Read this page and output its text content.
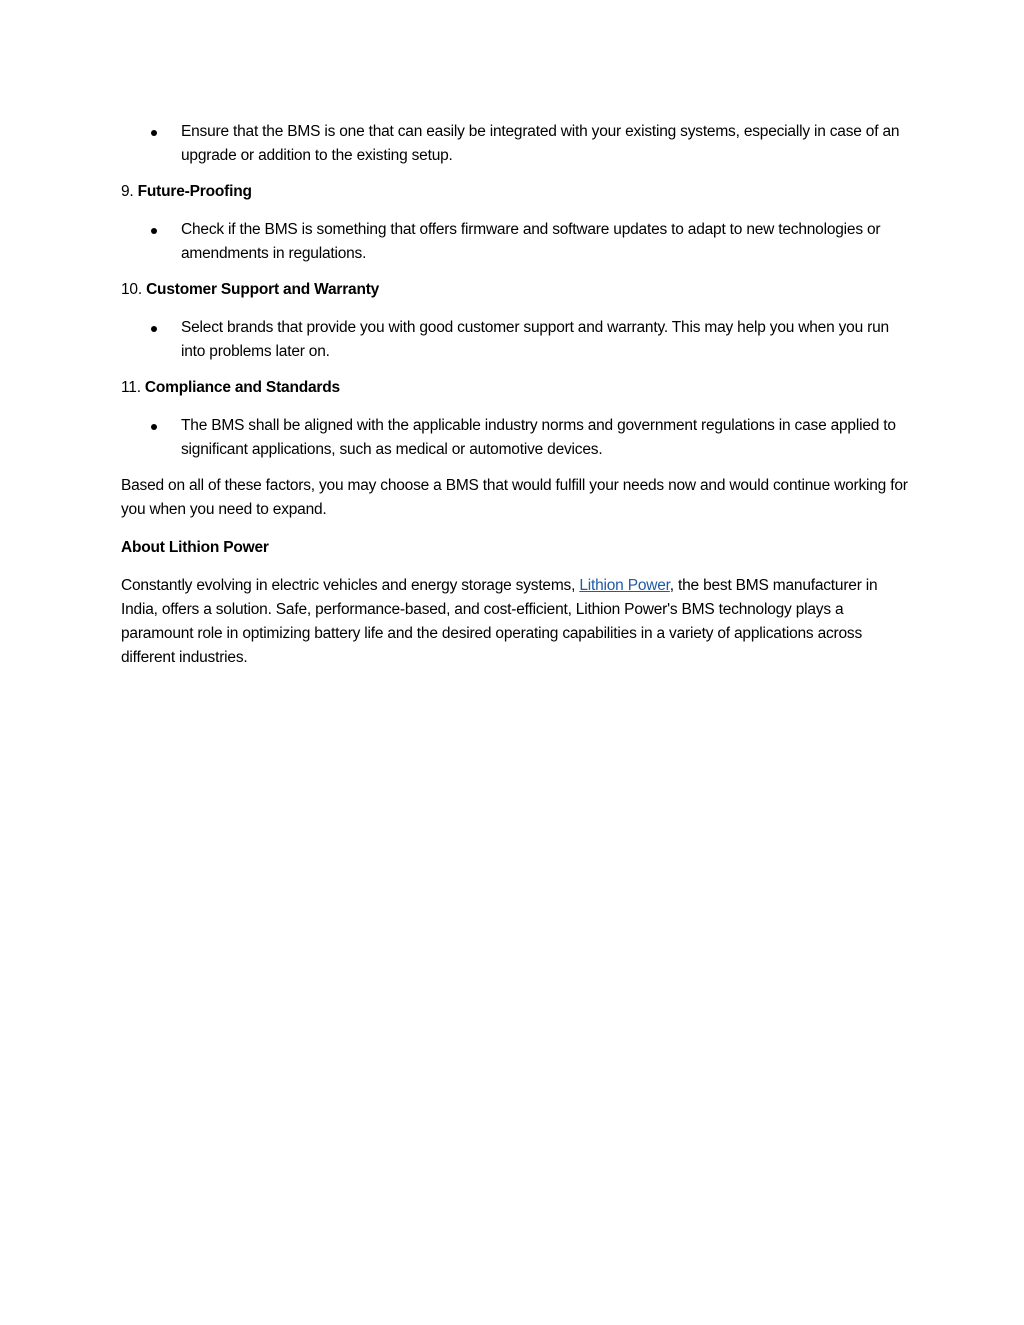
Ensure that the BMS is one that can easily be integrated with your existing systems, especially in case of an upgrade or addition to the existing setup.
9. Future-Proofing
Check if the BMS is something that offers firmware and software updates to adapt to new technologies or amendments in regulations.
10. Customer Support and Warranty
Select brands that provide you with good customer support and warranty. This may help you when you run into problems later on.
11. Compliance and Standards
The BMS shall be aligned with the applicable industry norms and government regulations in case applied to significant applications, such as medical or automotive devices.

Based on all of these factors, you may choose a BMS that would fulfill your needs now and would continue working for you when you need to expand.

About Lithion Power

Constantly evolving in electric vehicles and energy storage systems, Lithion Power, the best BMS manufacturer in India, offers a solution. Safe, performance-based, and cost-efficient, Lithion Power's BMS technology plays a paramount role in optimizing battery life and the desired operating capabilities in a variety of applications across different industries.
